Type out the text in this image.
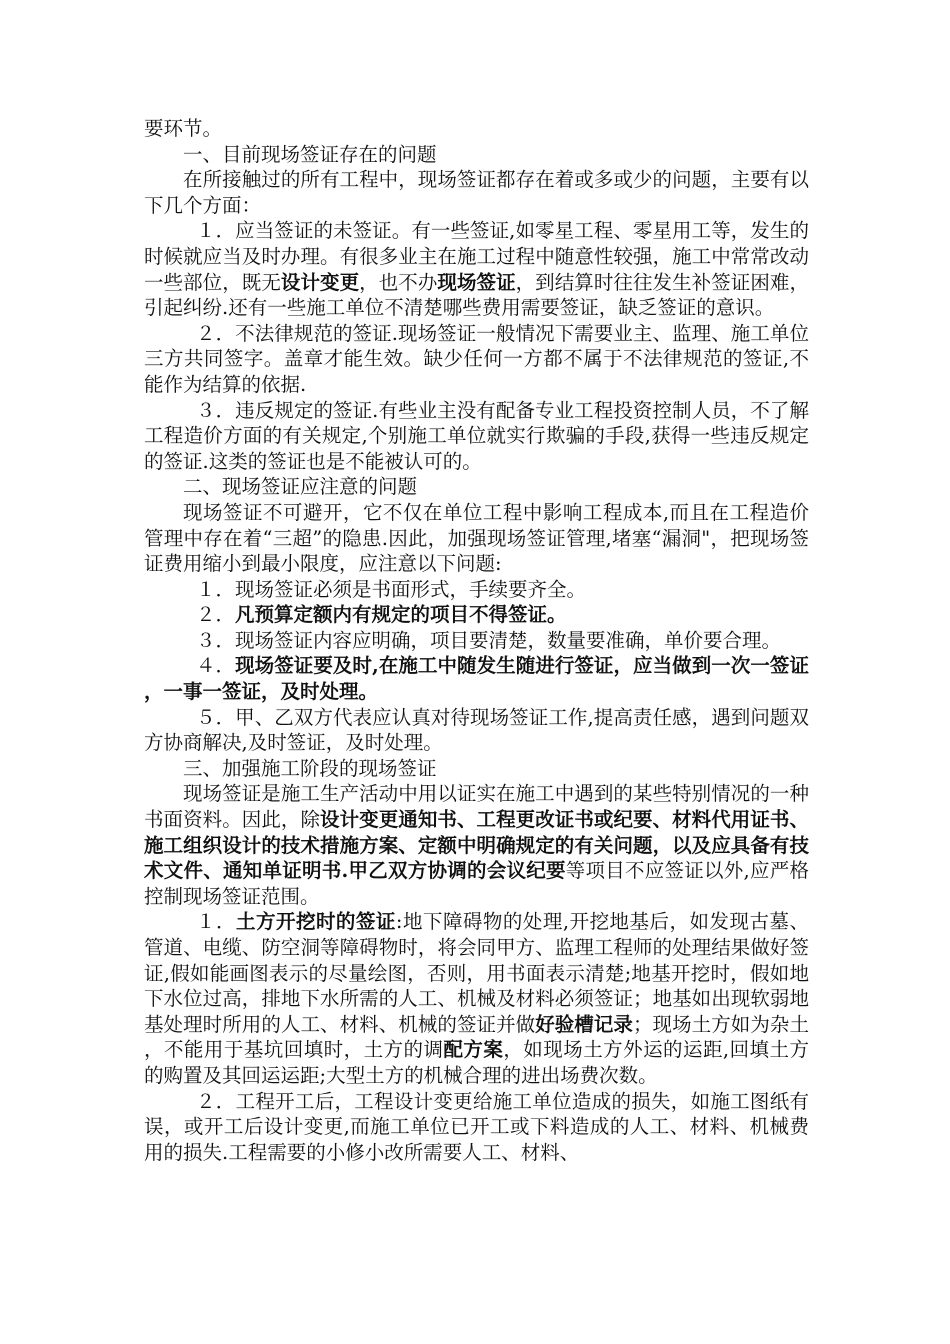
要环节。

一、目前现场签证存在的问题

在所接触过的所有工程中，现场签证都存在着或多或少的问题，主要有以下几个方面：

１．应当签证的未签证。有一些签证,如零星工程、零星用工等，发生的时候就应当及时办理。有很多业主在施工过程中随意性较强，施工中常常改动一些部位，既无设计变更，也不办现场签证，到结算时往往发生补签证困难，引起纠纷.还有一些施工单位不清楚哪些费用需要签证，缺乏签证的意识。

２．不法律规范的签证.现场签证一般情况下需要业主、监理、施工单位三方共同签字。盖章才能生效。缺少任何一方都不属于不法律规范的签证,不能作为结算的依据.

３．违反规定的签证.有些业主没有配备专业工程投资控制人员，不了解工程造价方面的有关规定,个别施工单位就实行欺骗的手段,获得一些违反规定的签证.这类的签证也是不能被认可的。

二、现场签证应注意的问题

现场签证不可避开，它不仅在单位工程中影响工程成本,而且在工程造价管理中存在着“三超”的隐患.因此，加强现场签证管理,堵塞“漏洞"，把现场签证费用缩小到最小限度，应注意以下问题:

１．现场签证必须是书面形式，手续要齐全。

２．凡预算定额内有规定的项目不得签证。

３．现场签证内容应明确，项目要清楚，数量要准确，单价要合理。

４．现场签证要及时,在施工中随发生随进行签证，应当做到一次一签证，一事一签证，及时处理。

５．甲、乙双方代表应认真对待现场签证工作,提高责任感，遇到问题双方协商解决,及时签证，及时处理。

三、加强施工阶段的现场签证

现场签证是施工生产活动中用以证实在施工中遇到的某些特别情况的一种书面资料。因此，除设计变更通知书、工程更改证书或纪要、材料代用证书、施工组织设计的技术措施方案、定额中明确规定的有关问题，以及应具备有技术文件、通知单证明书.甲乙双方协调的会议纪要等项目不应签证以外,应严格控制现场签证范围。

１．土方开挖时的签证:地下障碍物的处理,开挖地基后，如发现古墓、管道、电缆、防空洞等障碍物时，将会同甲方、监理工程师的处理结果做好签证,假如能画图表示的尽量绘图，否则，用书面表示清楚;地基开挖时，假如地下水位过高，排地下水所需的人工、机械及材料必须签证；地基如出现软弱地基处理时所用的人工、材料、机械的签证并做好验槽记录；现场土方如为杂土，不能用于基坑回填时，土方的调配方案，如现场土方外运的运距,回填土方的购置及其回运运距;大型土方的机械合理的进出场费次数。

２．工程开工后，工程设计变更给施工单位造成的损失，如施工图纸有误，或开工后设计变更,而施工单位已开工或下料造成的人工、材料、机械费用的损失.工程需要的小修小改所需要人工、材料、
